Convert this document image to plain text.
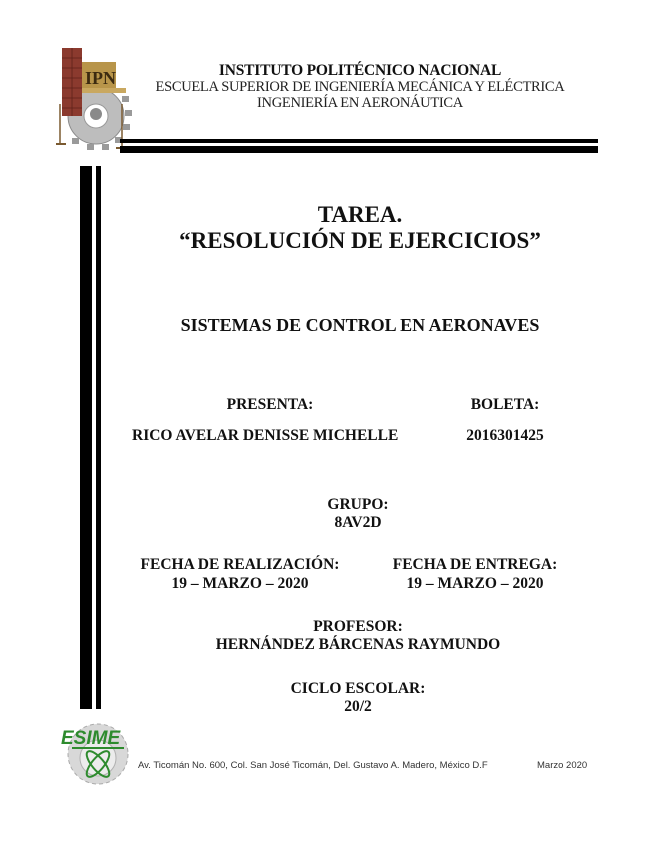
IPN	INSTITUTO POLITÉCNICO NACIONAL
ESCUELA SUPERIOR DE INGENIERÍA MECÁNICA Y ELÉCTRICA
INGENIERÍA EN AERONÁUTICA
TAREA.
“RESOLUCIÓN DE EJERCICIOS”
SISTEMAS DE CONTROL EN AERONAVES
PRESENTA:	BOLETA:
RICO AVELAR DENISSE MICHELLE	2016301425
GRUPO:
8AV2D
FECHA DE REALIZACIÓN:
19 – MARZO – 2020
FECHA DE ENTREGA:
19 – MARZO – 2020
PROFESOR:
HERNÁNDEZ BÁRCENAS RAYMUNDO
CICLO ESCOLAR:
20/2
ESIME
Av. Ticomán No. 600, Col. San José Ticomán, Del. Gustavo A. Madero, México D.F	Marzo 2020
